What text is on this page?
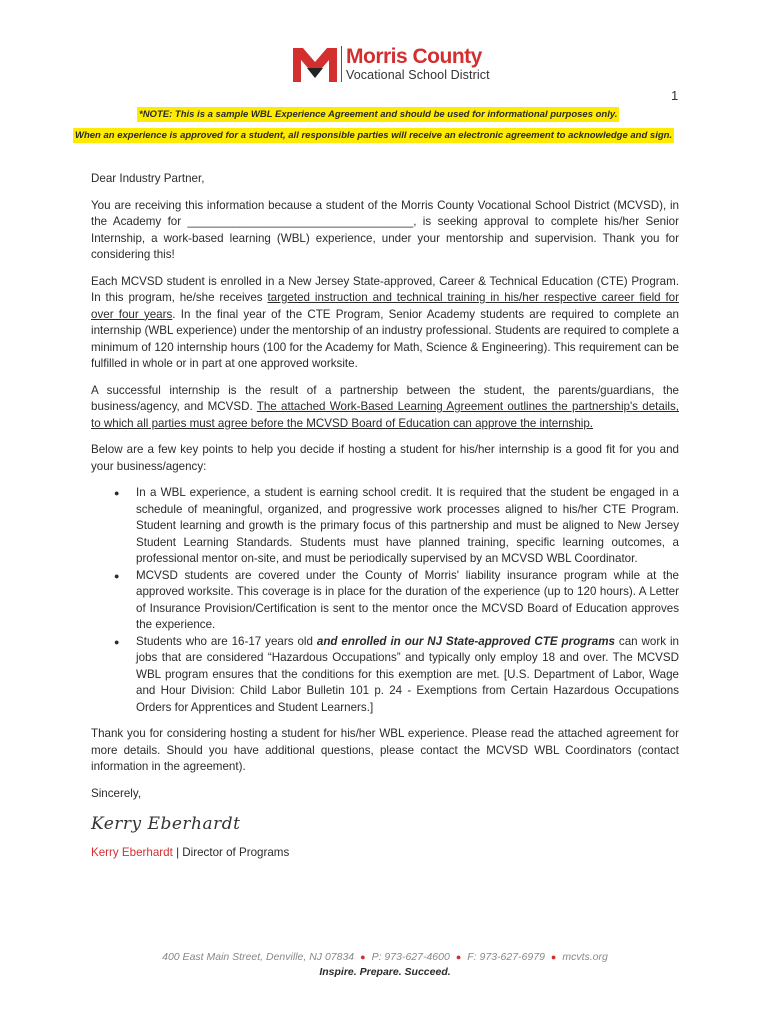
Morris County
Vocational School District
1
*NOTE: This is a sample WBL Experience Agreement and should be used for informational purposes only.
When an experience is approved for a student, all responsible parties will receive an electronic agreement to acknowledge and sign.

Dear Industry Partner,

You are receiving this information because a student of the Morris County Vocational School District (MCVSD), in the Academy for ___________________________________, is seeking approval to complete his/her Senior Internship, a work-based learning (WBL) experience, under your mentorship and supervision. Thank you for considering this!

Each MCVSD student is enrolled in a New Jersey State-approved, Career & Technical Education (CTE) Program. In this program, he/she receives targeted instruction and technical training in his/her respective career field for over four years. In the final year of the CTE Program, Senior Academy students are required to complete an internship (WBL experience) under the mentorship of an industry professional. Students are required to complete a minimum of 120 internship hours (100 for the Academy for Math, Science & Engineering). This requirement can be fulfilled in whole or in part at one approved worksite.

A successful internship is the result of a partnership between the student, the parents/guardians, the business/agency, and MCVSD. The attached Work-Based Learning Agreement outlines the partnership's details, to which all parties must agree before the MCVSD Board of Education can approve the internship.

Below are a few key points to help you decide if hosting a student for his/her internship is a good fit for you and your business/agency:

● In a WBL experience, a student is earning school credit. It is required that the student be engaged in a schedule of meaningful, organized, and progressive work processes aligned to his/her CTE Program. Student learning and growth is the primary focus of this partnership and must be aligned to New Jersey Student Learning Standards. Students must have planned training, specific learning outcomes, a professional mentor on-site, and must be periodically supervised by an MCVSD WBL Coordinator.
● MCVSD students are covered under the County of Morris' liability insurance program while at the approved worksite. This coverage is in place for the duration of the experience (up to 120 hours). A Letter of Insurance Provision/Certification is sent to the mentor once the MCVSD Board of Education approves the experience.
● Students who are 16-17 years old and enrolled in our NJ State-approved CTE programs can work in jobs that are considered “Hazardous Occupations” and typically only employ 18 and over. The MCVSD WBL program ensures that the conditions for this exemption are met. [U.S. Department of Labor, Wage and Hour Division: Child Labor Bulletin 101 p. 24 - Exemptions from Certain Hazardous Occupations Orders for Apprentices and Student Learners.]

Thank you for considering hosting a student for his/her WBL experience. Please read the attached agreement for more details. Should you have additional questions, please contact the MCVSD WBL Coordinators (contact information in the agreement).

Sincerely,

Kerry Eberhardt

Kerry Eberhardt | Director of Programs

400 East Main Street, Denville, NJ 07834 ● P: 973-627-4600 ● F: 973-627-6979 ● mcvts.org
Inspire. Prepare. Succeed.
